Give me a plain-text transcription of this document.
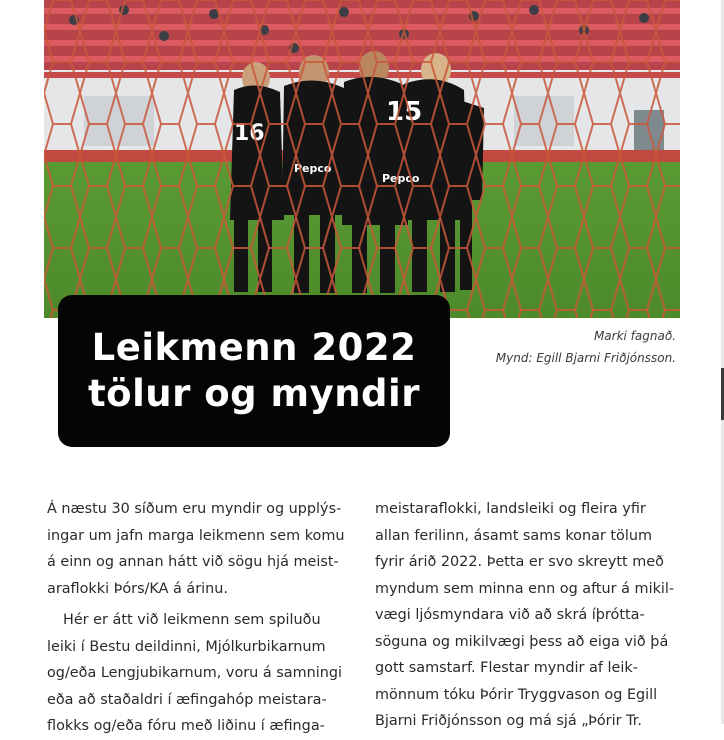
Leikmenn 2022
tölur og myndir
Marki fagnað.
Mynd: Egill Bjarni Friðjónsson.

Á næstu 30 síðum eru myndir og upplýs-
ingar um jafn marga leikmenn sem komu
á einn og annan hátt við sögu hjá meist-
araflokki Þórs/KA á árinu.

Hér er átt við leikmenn sem spiluðu
leiki í Bestu deildinni, Mjólkurbikarnum
og/eða Lengjubikarnum, voru á samningi
eða að staðaldri í æfingahóp meistara-
flokks og/eða fóru með liðinu í æfinga-

meistaraflokki, landsleiki og fleira yfir
allan ferilinn, ásamt sams konar tölum
fyrir árið 2022. Þetta er svo skreytt með
myndum sem minna enn og aftur á mikil-
vægi ljósmyndara við að skrá íþrótta-
söguna og mikilvægi þess að eiga við þá
gott samstarf. Flestar myndir af leik-
mönnum tóku Þórir Tryggvason og Egill
Bjarni Friðjónsson og má sjá „Þórir Tr.
